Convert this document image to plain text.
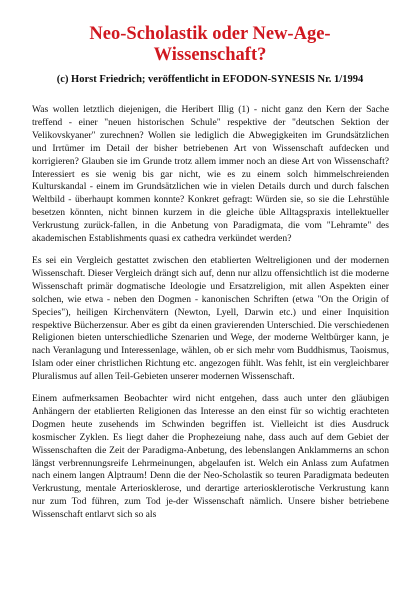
Neo-Scholastik oder New-Age-Wissenschaft?
(c) Horst Friedrich; veröffentlicht in EFODON-SYNESIS Nr. 1/1994

Was wollen letztlich diejenigen, die Heribert Illig (1) - nicht ganz den Kern der Sache treffend - einer "neuen historischen Schule" respektive der "deutschen Sektion der Velikovskyaner" zurechnen? Wollen sie lediglich die Abwegigkeiten im Grundsätzlichen und Irrtümer im Detail der bisher betriebenen Art von Wissenschaft aufdecken und korrigieren? Glauben sie im Grunde trotz allem immer noch an diese Art von Wissenschaft? Interessiert es sie wenig bis gar nicht, wie es zu einem solch himmelschreienden Kulturskandal - einem im Grundsätzlichen wie in vielen Details durch und durch falschen Weltbild - überhaupt kommen konnte? Konkret gefragt: Würden sie, so sie die Lehrstühle besetzen könnten, nicht binnen kurzem in die gleiche üble Alltagspraxis intellektueller Verkrustung zurück-fallen, in die Anbetung von Paradigmata, die vom "Lehramte" des akademischen Establishments quasi ex cathedra verkündet werden?

Es sei ein Vergleich gestattet zwischen den etablierten Weltreligionen und der modernen Wissenschaft. Dieser Vergleich drängt sich auf, denn nur allzu offensichtlich ist die moderne Wissenschaft primär dogmatische Ideologie und Ersatzreligion, mit allen Aspekten einer solchen, wie etwa - neben den Dogmen - kanonischen Schriften (etwa "On the Origin of Species"), heiligen Kirchenvätern (Newton, Lyell, Darwin etc.) und einer Inquisition respektive Bücherzensur. Aber es gibt da einen gravierenden Unterschied. Die verschiedenen Religionen bieten unterschiedliche Szenarien und Wege, der moderne Weltbürger kann, je nach Veranlagung und Interessenlage, wählen, ob er sich mehr vom Buddhismus, Taoismus, Islam oder einer christlichen Richtung etc. angezogen fühlt. Was fehlt, ist ein vergleichbarer Pluralismus auf allen Teil-Gebieten unserer modernen Wissenschaft.

Einem aufmerksamen Beobachter wird nicht entgehen, dass auch unter den gläubigen Anhängern der etablierten Religionen das Interesse an den einst für so wichtig erachteten Dogmen heute zusehends im Schwinden begriffen ist. Vielleicht ist dies Ausdruck kosmischer Zyklen. Es liegt daher die Prophezeiung nahe, dass auch auf dem Gebiet der Wissenschaften die Zeit der Paradigma-Anbetung, des lebenslangen Anklammerns an schon längst verbrennungsreife Lehrmeinungen, abgelaufen ist. Welch ein Anlass zum Aufatmen nach einem langen Alptraum! Denn die der Neo-Scholastik so teuren Paradigmata bedeuten Verkrustung, mentale Arteriosklerose, und derartige arteriosklerotische Verkrustung kann nur zum Tod führen, zum Tod je-der Wissenschaft nämlich. Unsere bisher betriebene Wissenschaft entlarvt sich so als
